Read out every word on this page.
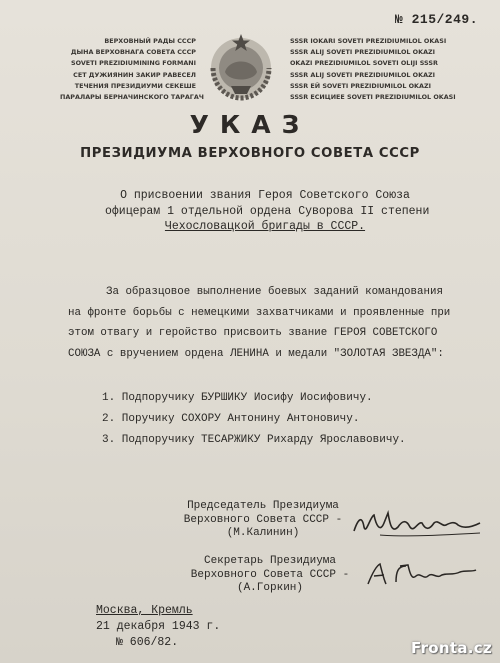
№ 215/249.
ВЕРХОВНЫЙ РАДЫ СССР
ДЫНА ВЕРХОВНАГА СОВЕТА СССР
SOVETI PREZIDIUMINING FORMANI
СЕТ ДУЖИЯНИН ЗАКИР РАВЕСЕЛ
ТЕЧЕНИЯ ПРЕЗИДИУМИ СЕКЕШЕ
ПАРАЛАРЫ БЕРНАЧИНСКОГО ТАРАГАЧ
SSSR IOKARI SOVETI PREZIDIUMILOL OKASI
SSSR ALIJ SOVETI PREZIDIUMILOL OKAZI
OKAZI PREZIDIUMILOL SOVETI OLIJI SSSR
SSSR ALIJ SOVETI PREZIDIUMILOL OKAZI
SSSR ЕЙ SOVETI PREZIDIUMILOL OKAZI
SSSR ЕСИЦИЕЕ SOVETI PREZIDIUMILOL OKASI
УКАЗ
ПРЕЗИДИУМА ВЕРХОВНОГО СОВЕТА СССР
О присвоении звания Героя Советского Союза
офицерам 1 отдельной ордена Суворова II степени
Чехословацкой бригады в СССР.
За образцовое выполнение боевых заданий командования
на фронте борьбы с немецкими захватчиками и проявленные при
этом отвагу и геройство присвоить звание ГЕРОЯ СОВЕТСКОГО
СОЮЗА с вручением ордена ЛЕНИНА и медали "ЗОЛОТАЯ ЗВЕЗДА":
1. Подпоручику БУРШИКУ Иосифу Иосифовичу.
2. Поручику СОХОРУ Антонину Антоновичу.
3. Подпоручику ТЕСАРЖИКУ Рихарду Ярославовичу.
Председатель Президиума
Верховного Совета СССР -
(М.Калинин)
Секретарь Президиума
Верховного Совета СССР -
(А.Горкин)
Москва, Кремль
21 декабря 1943 г.
№ 606/82.	Fronta.cz
